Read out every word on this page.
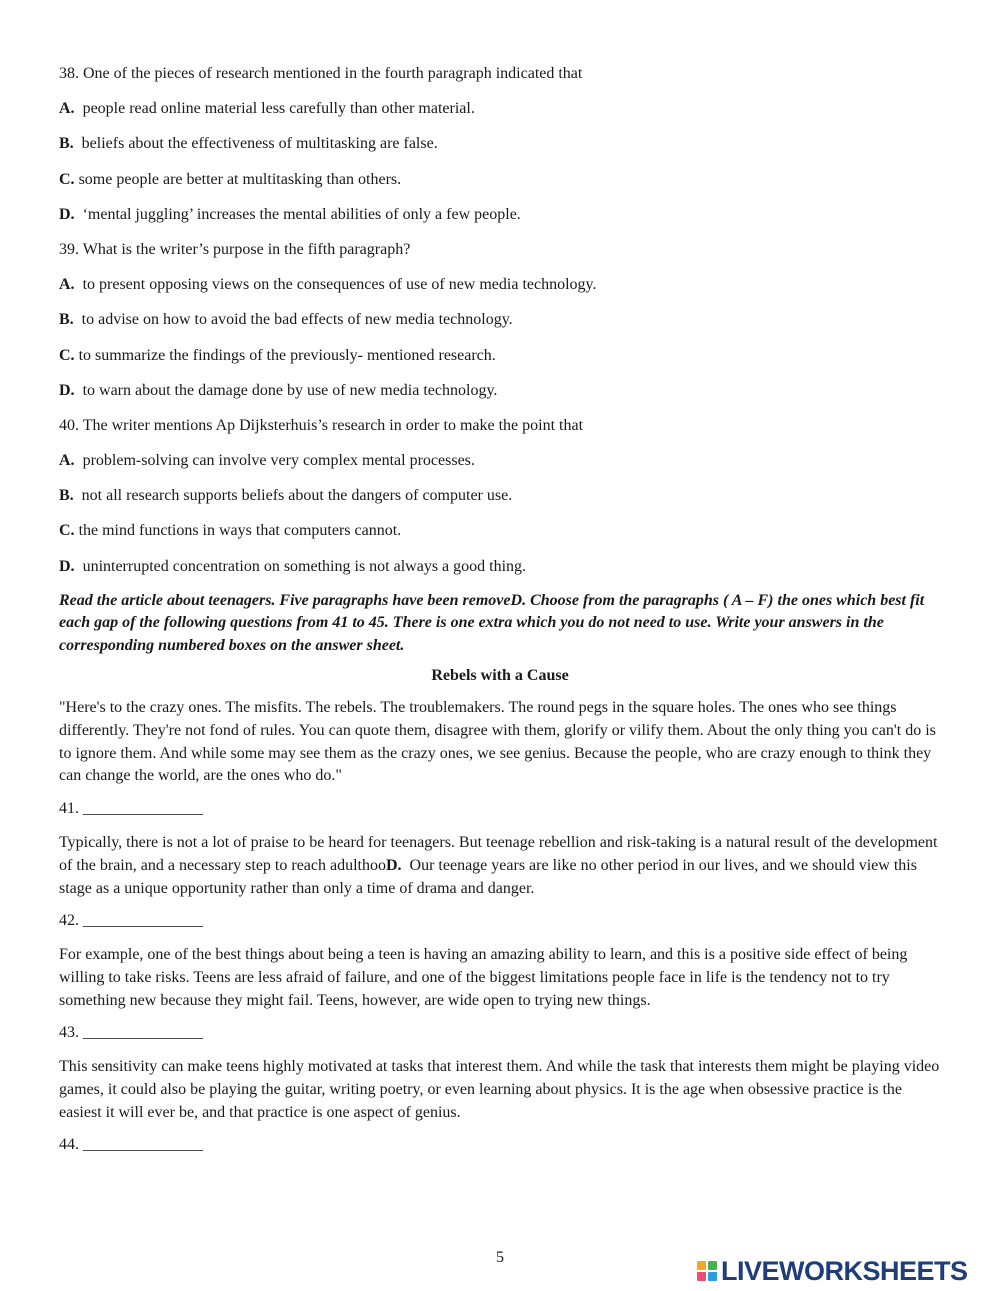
38. One of the pieces of research mentioned in the fourth paragraph indicated that
A.  people read online material less carefully than other material.
B.  beliefs about the effectiveness of multitasking are false.
C. some people are better at multitasking than others.
D.  ‘mental juggling’ increases the mental abilities of only a few people.
39. What is the writer’s purpose in the fifth paragraph?
A.  to present opposing views on the consequences of use of new media technology.
B.  to advise on how to avoid the bad effects of new media technology.
C. to summarize the findings of the previously- mentioned research.
D.  to warn about the damage done by use of new media technology.
40. The writer mentions Ap Dijksterhuis’s research in order to make the point that
A.  problem-solving can involve very complex mental processes.
B.  not all research supports beliefs about the dangers of computer use.
C. the mind functions in ways that computers cannot.
D.  uninterrupted concentration on something is not always a good thing.
Read the article about teenagers. Five paragraphs have been removeD. Choose from the paragraphs ( A – F) the ones which best fit each gap of the following questions from 41 to 45. There is one extra which you do not need to use. Write your answers in the corresponding numbered boxes on the answer sheet.
Rebels with a Cause
"Here's to the crazy ones. The misfits. The rebels. The troublemakers. The round pegs in the square holes. The ones who see things differently. They're not fond of rules. You can quote them, disagree with them, glorify or vilify them. About the only thing you can't do is to ignore them. And while some may see them as the crazy ones, we see genius. Because the people, who are crazy enough to think they can change the world, are the ones who do."
41. _______________
Typically, there is not a lot of praise to be heard for teenagers. But teenage rebellion and risk-taking is a natural result of the development of the brain, and a necessary step to reach adulthooD.  Our teenage years are like no other period in our lives, and we should view this stage as a unique opportunity rather than only a time of drama and danger.
42. _______________
For example, one of the best things about being a teen is having an amazing ability to learn, and this is a positive side effect of being willing to take risks. Teens are less afraid of failure, and one of the biggest limitations people face in life is the tendency not to try something new because they might fail. Teens, however, are wide open to trying new things.
43. _______________
This sensitivity can make teens highly motivated at tasks that interest them. And while the task that interests them might be playing video games, it could also be playing the guitar, writing poetry, or even learning about physics. It is the age when obsessive practice is the easiest it will ever be, and that practice is one aspect of genius.
44. _______________
5	LIVEWORKSHEETS
